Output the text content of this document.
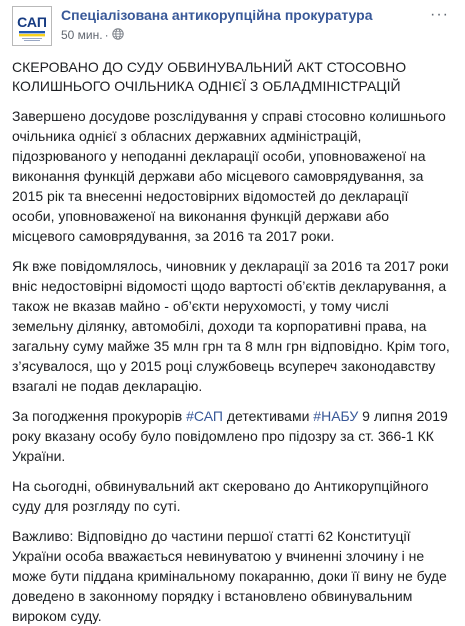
САП Спеціалізована антикорупційна прокуратура
50 мин. ·
···

СКЕРОВАНО ДО СУДУ ОБВИНУВАЛЬНИЙ АКТ СТОСОВНО КОЛИШНЬОГО ОЧІЛЬНИКА ОДНІЄЇ З ОБЛАДМІНІСТРАЦІЙ

Завершено досудове розслідування у справі стосовно колишнього очільника однієї з обласних державних адміністрацій, підозрюваного у неподанні декларації особи, уповноваженої на виконання функцій держави або місцевого самоврядування, за 2015 рік та внесенні недостовірних відомостей до декларації особи, уповноваженої на виконання функцій держави або місцевого самоврядування, за 2016 та 2017 роки.

Як вже повідомлялось, чиновник у декларації за 2016 та 2017 роки вніс недостовірні відомості щодо вартості об’єктів декларування, а також не вказав майно - об’єкти нерухомості, у тому числі земельну ділянку, автомобілі, доходи та корпоративні права, на загальну суму майже 35 млн грн та 8 млн грн відповідно. Крім того, з’ясувалося, що у 2015 році службовець всупереч законодавству взагалі не подав декларацію.

За погодження прокурорів #САП детективами #НАБУ 9 липня 2019 року вказану особу було повідомлено про підозру за ст. 366-1 КК України.

На сьогодні, обвинувальний акт скеровано до Антикорупційного суду для розгляду по суті.

Важливо: Відповідно до частини першої статті 62 Конституції України особа вважається невинуватою у вчиненні злочину і не може бути піддана кримінальному покаранню, доки її вину не буде доведено в законному порядку і встановлено обвинувальним вироком суду.
